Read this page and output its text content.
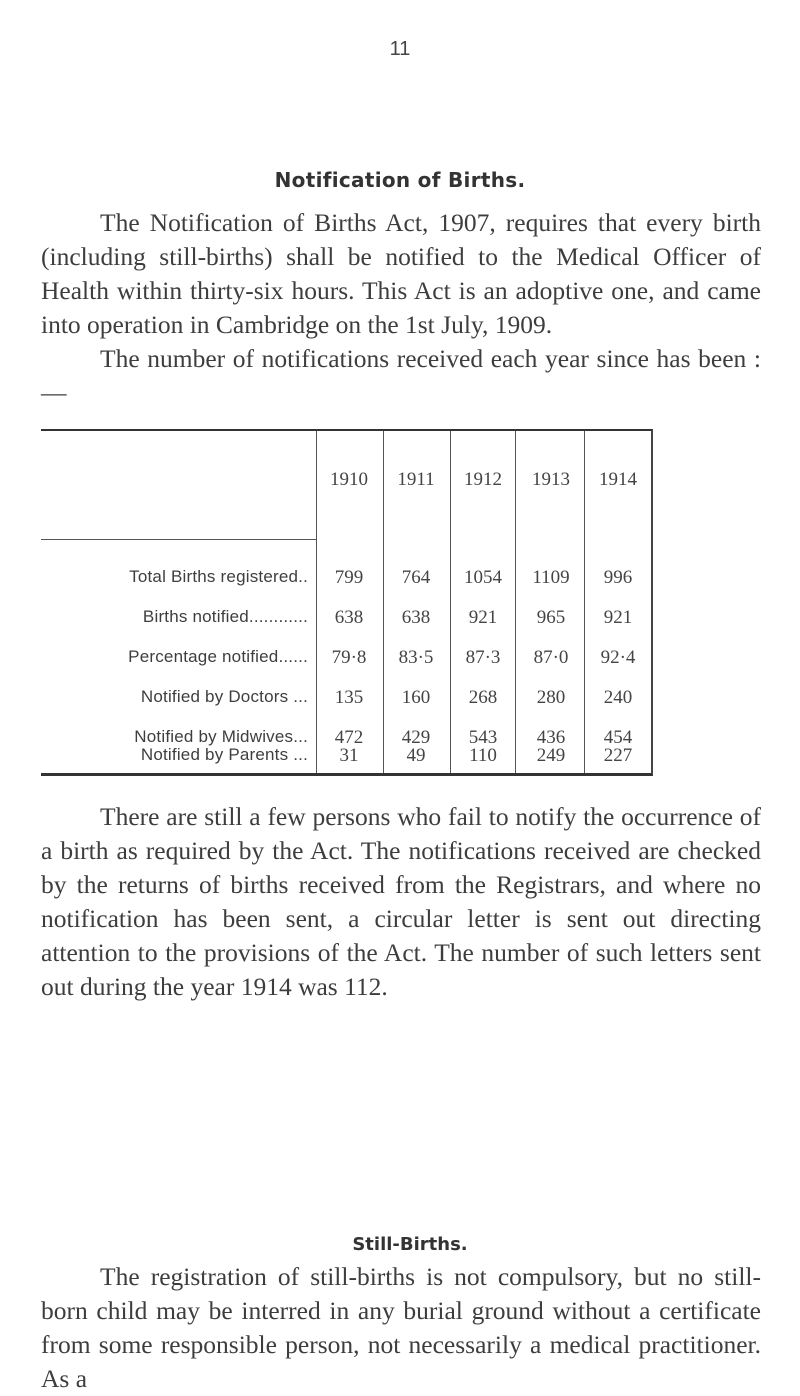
11
Notification of Births.

The Notification of Births Act, 1907, requires that every birth (including still-births) shall be notified to the Medical Officer of Health within thirty-six hours. This Act is an adoptive one, and came into operation in Cambridge on the 1st July, 1909.

The number of notifications received each year since has been :—

1910	1911	1912	1913	1914
Total Births registered..	799	764	1054	1109	996
Births notified............	638	638	921	965	921
Percentage notified......	79·8	83·5	87·3	87·0	92·4
Notified by Doctors ...	135	160	268	280	240
Notified by Midwives...	472	429	543	436	454
Notified by Parents ...	31	49	110	249	227

There are still a few persons who fail to notify the occurrence of a birth as required by the Act. The notifications received are checked by the returns of births received from the Registrars, and where no notification has been sent, a circular letter is sent out directing attention to the provisions of the Act. The number of such letters sent out during the year 1914 was 112.

Still-Births.

The registration of still-births is not compulsory, but no still-born child may be interred in any burial ground without a certificate from some responsible person, not necessarily a medical practitioner. As a
